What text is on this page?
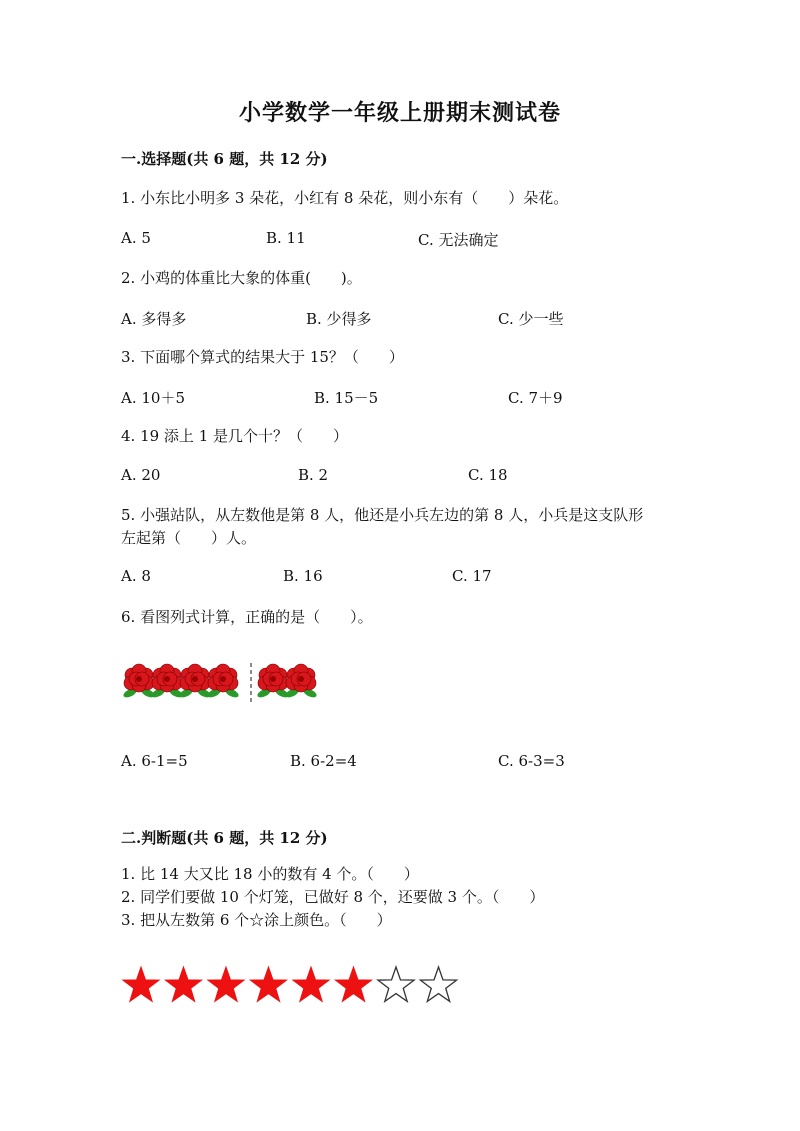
小学数学一年级上册期末测试卷
一.选择题(共 6 题，共 12 分)
1. 小东比小明多 3 朵花，小红有 8 朵花，则小东有（　　）朵花。
A. 5	B. 11	C. 无法确定
2. 小鸡的体重比大象的体重(　　)。
A. 多得多	B. 少得多	C. 少一些
3. 下面哪个算式的结果大于 15？（　　）
A. 10＋5	B. 15－5	C. 7＋9
4. 19 添上 1 是几个十？（　　）
A. 20	B. 2	C. 18
5. 小强站队，从左数他是第 8 人，他还是小兵左边的第 8 人，小兵是这支队形
左起第（　　）人。
A. 8	B. 16	C. 17
6. 看图列式计算，正确的是（　　）。
A. 6-1=5	B. 6-2=4	C. 6-3=3
二.判断题(共 6 题，共 12 分)
1. 比 14 大又比 18 小的数有 4 个。（　　）
2. 同学们要做 10 个灯笼，已做好 8 个，还要做 3 个。（　　）
3. 把从左数第 6 个☆涂上颜色。（　　）
